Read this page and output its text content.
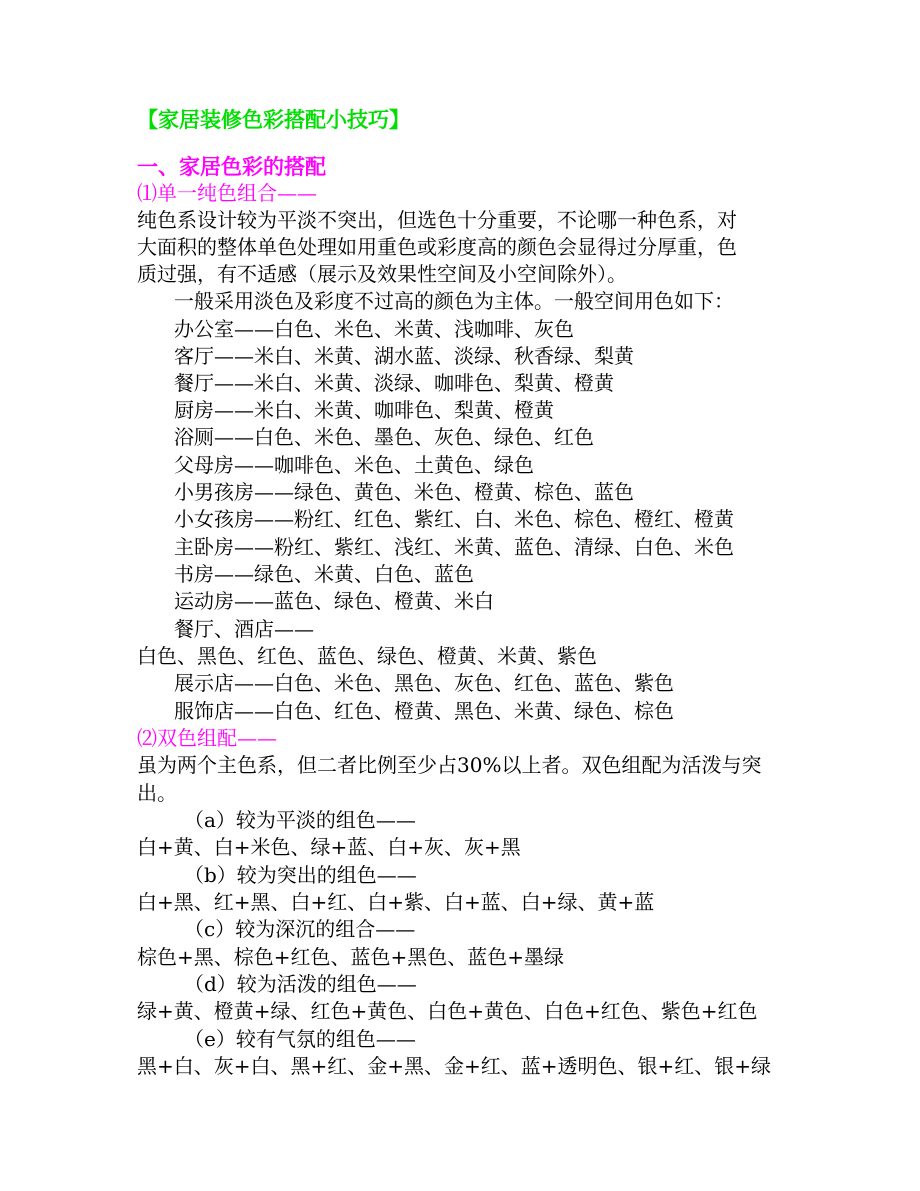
【家居装修色彩搭配小技巧】
一、家居色彩的搭配
⑴单一纯色组合——
纯色系设计较为平淡不突出，但选色十分重要，不论哪一种色系，对
大面积的整体单色处理如用重色或彩度高的颜色会显得过分厚重，色
质过强，有不适感（展示及效果性空间及小空间除外）。
一般采用淡色及彩度不过高的颜色为主体。一般空间用色如下：
办公室——白色、米色、米黄、浅咖啡、灰色
客厅——米白、米黄、湖水蓝、淡绿、秋香绿、梨黄
餐厅——米白、米黄、淡绿、咖啡色、梨黄、橙黄
厨房——米白、米黄、咖啡色、梨黄、橙黄
浴厕——白色、米色、墨色、灰色、绿色、红色
父母房——咖啡色、米色、土黄色、绿色
小男孩房——绿色、黄色、米色、橙黄、棕色、蓝色
小女孩房——粉红、红色、紫红、白、米色、棕色、橙红、橙黄
主卧房——粉红、紫红、浅红、米黄、蓝色、清绿、白色、米色
书房——绿色、米黄、白色、蓝色
运动房——蓝色、绿色、橙黄、米白
餐厅、酒店——
白色、黑色、红色、蓝色、绿色、橙黄、米黄、紫色
展示店——白色、米色、黑色、灰色、红色、蓝色、紫色
服饰店——白色、红色、橙黄、黑色、米黄、绿色、棕色
⑵双色组配——
虽为两个主色系，但二者比例至少占30%以上者。双色组配为活泼与突
出。
（a）较为平淡的组色——
白+黄、白+米色、绿+蓝、白+灰、灰+黑
（b）较为突出的组色——
白+黑、红+黑、白+红、白+紫、白+蓝、白+绿、黄+蓝
（c）较为深沉的组合——
棕色+黑、棕色+红色、蓝色+黑色、蓝色+墨绿
（d）较为活泼的组色——
绿+黄、橙黄+绿、红色+黄色、白色+黄色、白色+红色、紫色+红色
（e）较有气氛的组色——
黑+白、灰+白、黑+红、金+黑、金+红、蓝+透明色、银+红、银+绿
